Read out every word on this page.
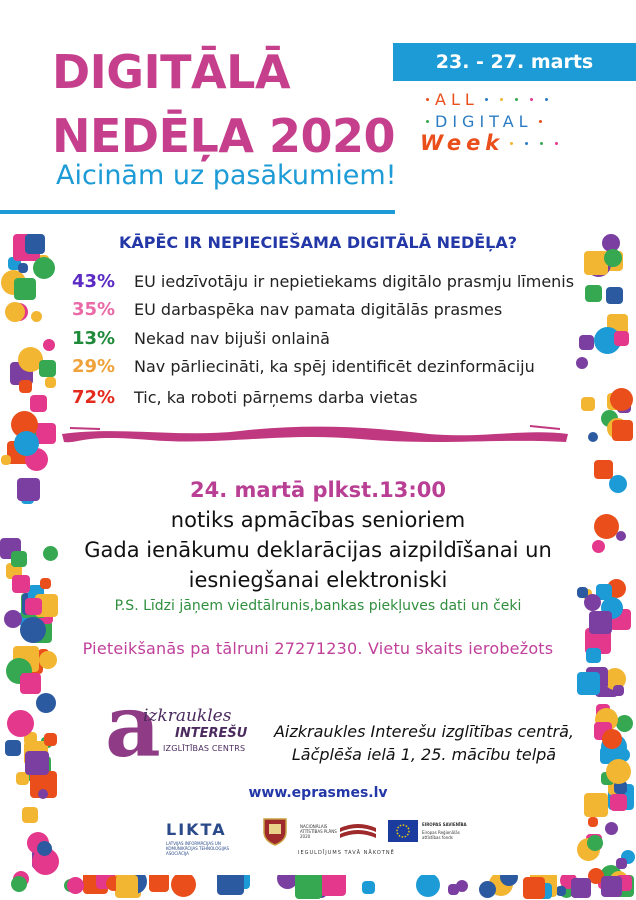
DIGITĀLĀ
NEDĒĻA 2020
Aicinām uz pasākumiem!
23. - 27. marts
ALL
DIGITAL
Week
KĀPĒC IR NEPIECIEŠAMA DIGITĀLĀ NEDĒĻA?
43%	EU iedzīvotāju ir nepietiekams digitālo prasmju līmenis
35%	EU darbaspēka nav pamata digitālās prasmes
13%	Nekad nav bijuši onlainā
29%	Nav pārliecināti, ka spēj identificēt dezinformāciju
72%	Tic, ka roboti pārņems darba vietas
24. martā plkst.13:00
notiks apmācības senioriem
Gada ienākumu deklarācijas aizpildīšanai un
iesniegšanai elektroniski
P.S. Līdzi jāņem viedtālrunis,bankas piekļuves dati un čeki
Pieteikšanās pa tālruni 27271230. Vietu skaits ierobežots
a
izkraukles
INTEREŠU
IZGLĪTĪBAS CENTRS
Aizkraukles Interešu izglītības centrā,
Lāčplēša ielā 1, 25. mācību telpā
www.eprasmes.lv
LIKTA
LATVIJAS INFORMĀCIJAS UN KOMUNIKĀCIJAS TEHNOLOĢIJAS ASOCIĀCIJA
NACIONĀLAIS ATTĪSTĪBAS PLĀNS 2020
EIROPAS SAVIENĪBA
Eiropas Reģionālās attīstības fonds
IEGULDĪJUMS TAVĀ NĀKOTNĒ
